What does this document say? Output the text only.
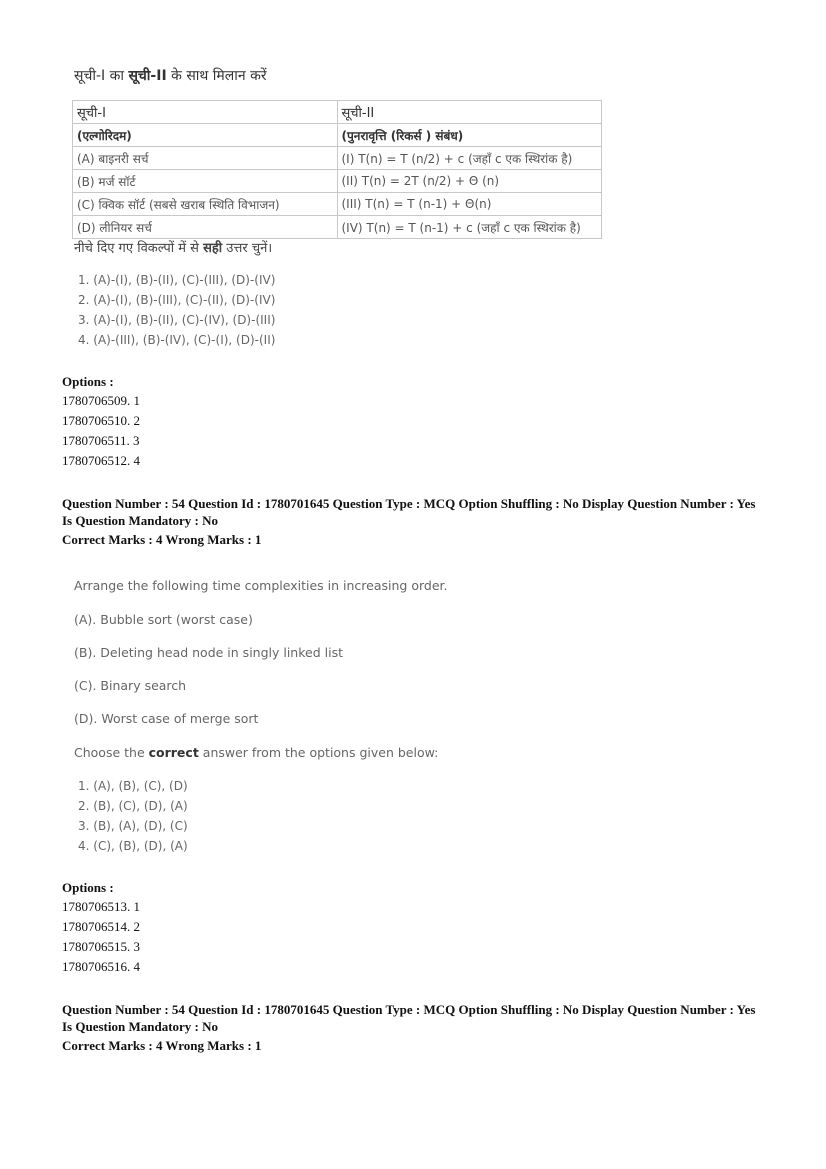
सूची-I का सूची-II के साथ मिलान करें
सूची-I	सूची-II
(एल्गोरिदम)	(पुनरावृत्ति (रिकर्स ) संबंध)
(A) बाइनरी सर्च	(I) T(n) = T (n/2) + c (जहाँ c एक स्थिरांक है)
(B) मर्ज सॉर्ट	(II) T(n) = 2T (n/2) + Θ (n)
(C) क्विक सॉर्ट (सबसे खराब स्थिति विभाजन)	(III) T(n) = T (n-1) + Θ(n)
(D) लीनियर सर्च	(IV) T(n) = T (n-1) + c (जहाँ c एक स्थिरांक है)
नीचे दिए गए विकल्पों में से सही उत्तर चुनें।
1. (A)-(I), (B)-(II), (C)-(III), (D)-(IV)
2. (A)-(I), (B)-(III), (C)-(II), (D)-(IV)
3. (A)-(I), (B)-(II), (C)-(IV), (D)-(III)
4. (A)-(III), (B)-(IV), (C)-(I), (D)-(II)
Options :
1780706509. 1
1780706510. 2
1780706511. 3
1780706512. 4
Question Number : 54 Question Id : 1780701645 Question Type : MCQ Option Shuffling : No Display Question Number : Yes
Is Question Mandatory : No
Correct Marks : 4 Wrong Marks : 1
Arrange the following time complexities in increasing order.
(A). Bubble sort (worst case)
(B). Deleting head node in singly linked list
(C). Binary search
(D). Worst case of merge sort
Choose the correct answer from the options given below:
1. (A), (B), (C), (D)
2. (B), (C), (D), (A)
3. (B), (A), (D), (C)
4. (C), (B), (D), (A)
Options :
1780706513. 1
1780706514. 2
1780706515. 3
1780706516. 4
Question Number : 54 Question Id : 1780701645 Question Type : MCQ Option Shuffling : No Display Question Number : Yes
Is Question Mandatory : No
Correct Marks : 4 Wrong Marks : 1
